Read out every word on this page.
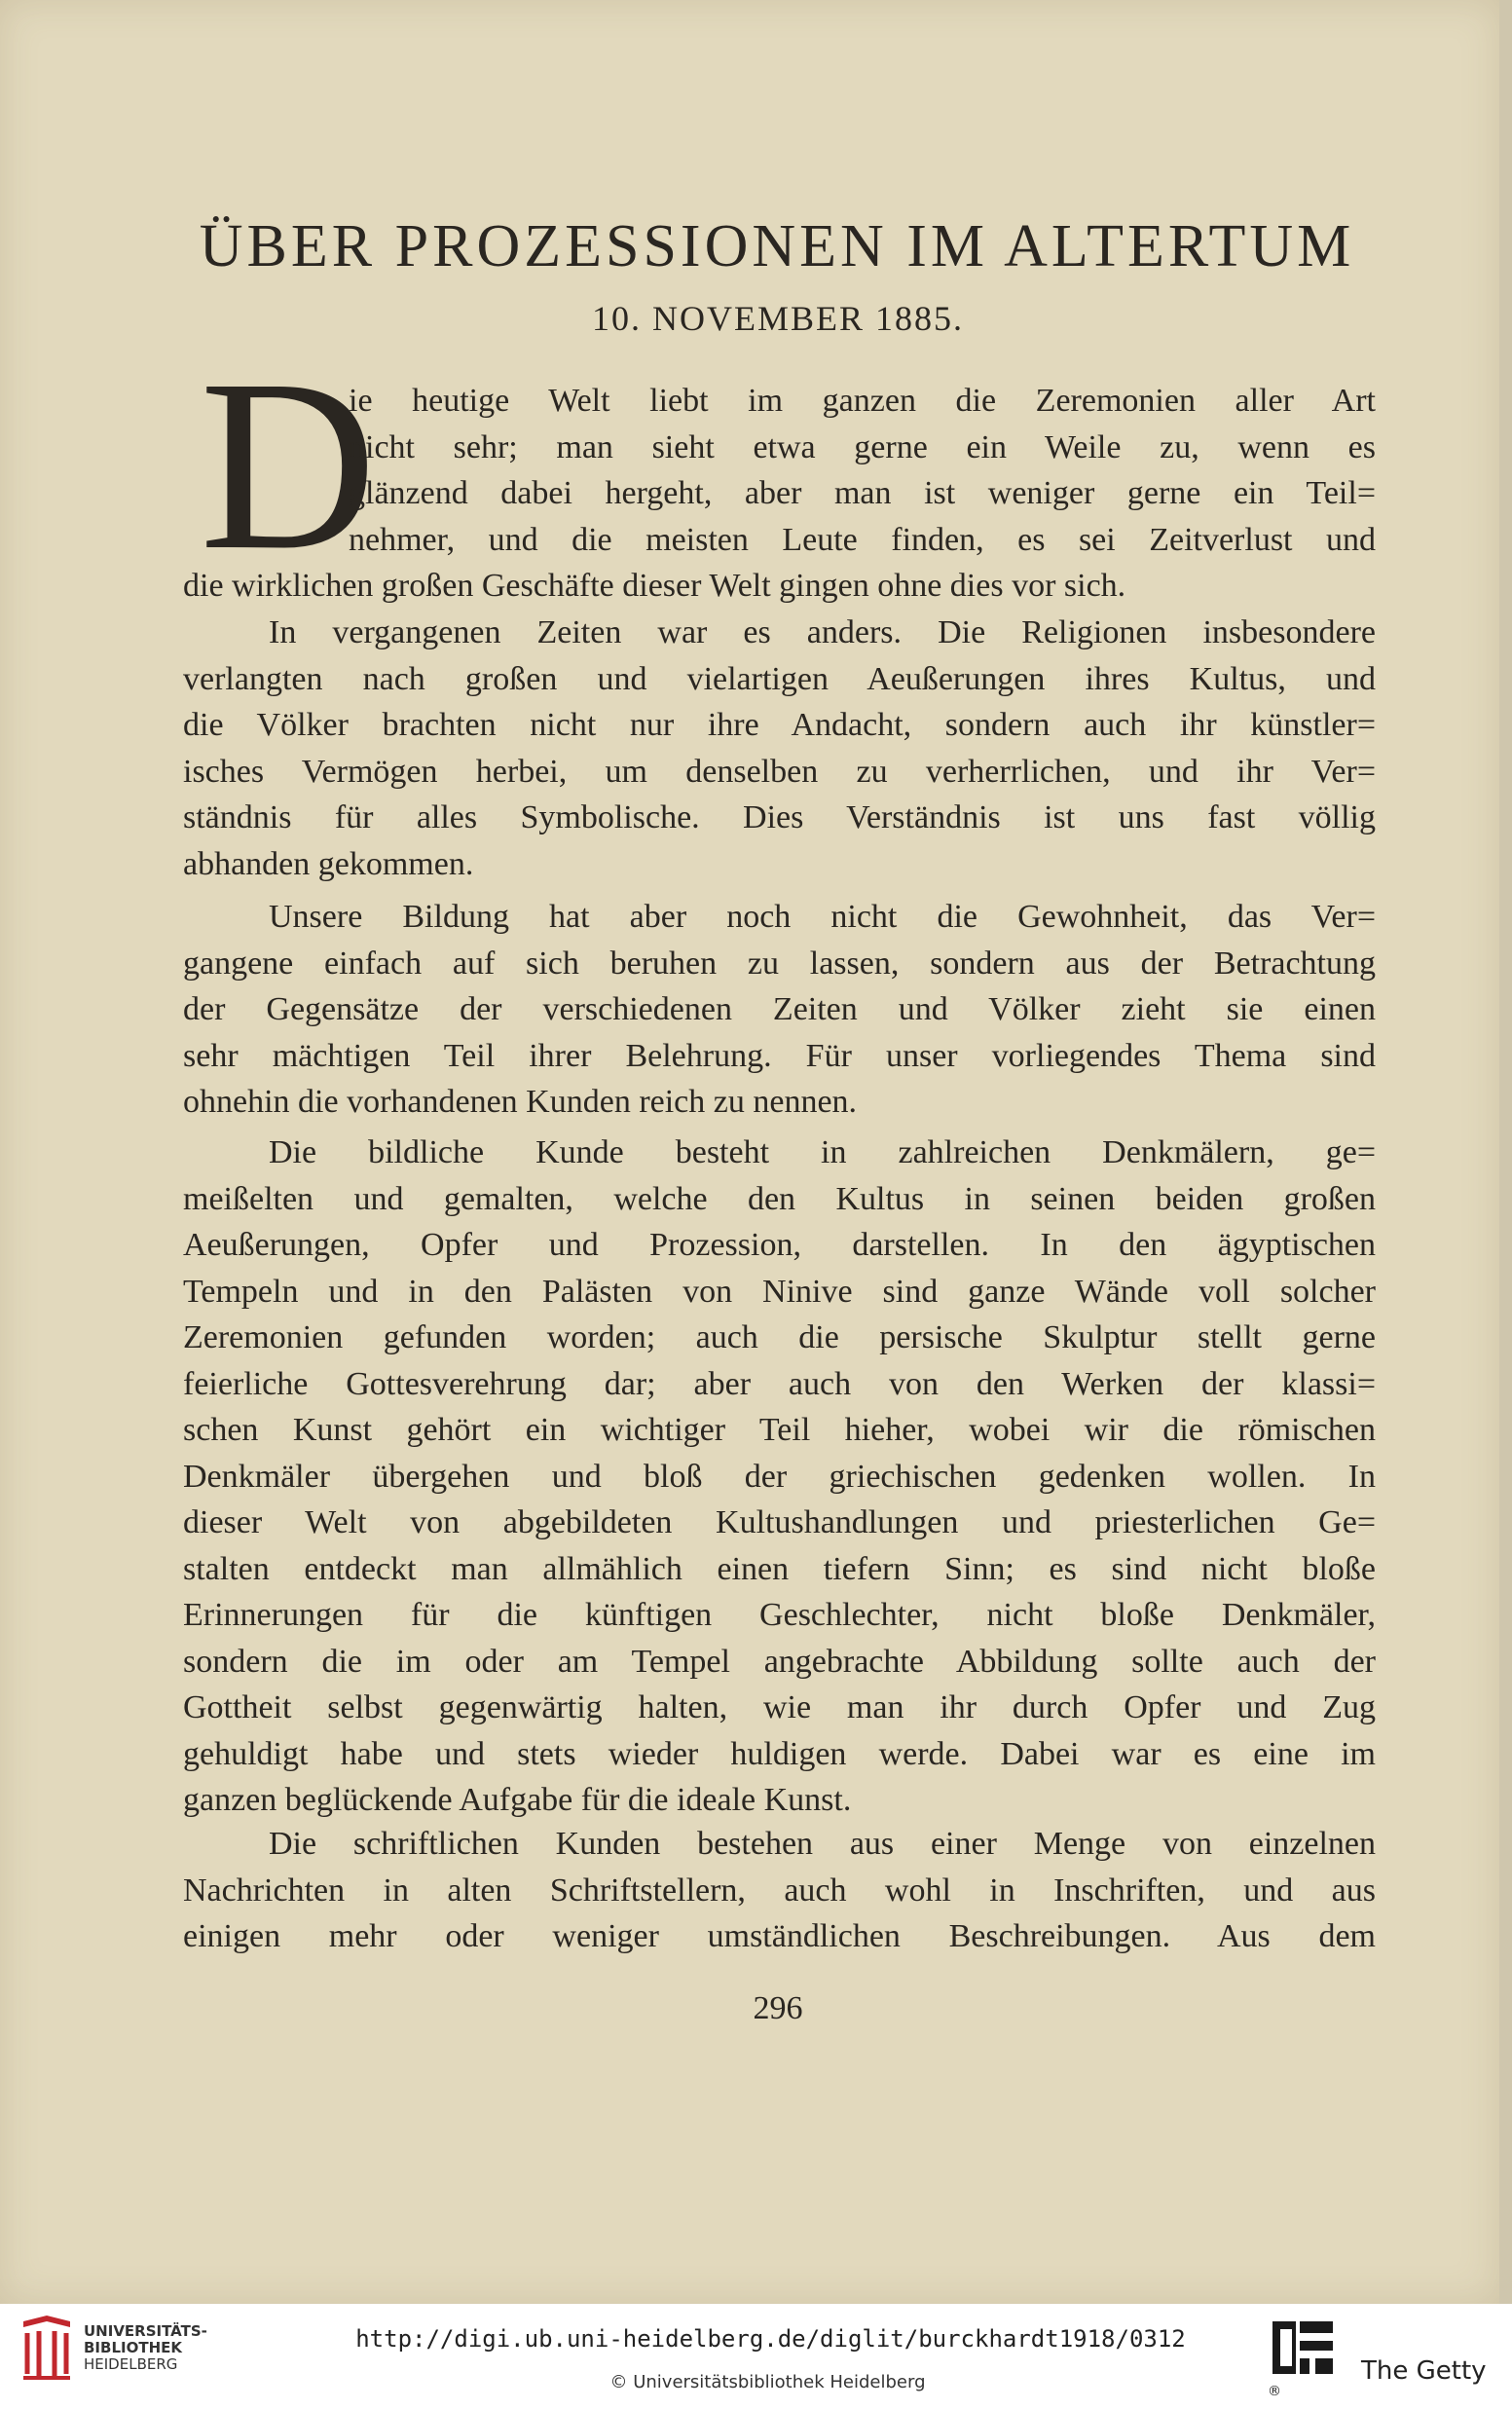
ÜBER PROZESSIONEN IM ALTERTUM
10. NOVEMBER 1885.
D
ie heutige Welt liebt im ganzen die Zeremonien aller Art
nicht sehr; man sieht etwa gerne ein Weile zu, wenn es
glänzend dabei hergeht, aber man ist weniger gerne ein Teil=
nehmer, und die meisten Leute finden, es sei Zeitverlust und
die wirklichen großen Geschäfte dieser Welt gingen ohne dies vor sich.
In vergangenen Zeiten war es anders. Die Religionen insbesondere
verlangten nach großen und vielartigen Aeußerungen ihres Kultus, und
die Völker brachten nicht nur ihre Andacht, sondern auch ihr künstler=
isches Vermögen herbei, um denselben zu verherrlichen, und ihr Ver=
ständnis für alles Symbolische. Dies Verständnis ist uns fast völlig
abhanden gekommen.
Unsere Bildung hat aber noch nicht die Gewohnheit, das Ver=
gangene einfach auf sich beruhen zu lassen, sondern aus der Betrachtung
der Gegensätze der verschiedenen Zeiten und Völker zieht sie einen
sehr mächtigen Teil ihrer Belehrung. Für unser vorliegendes Thema sind
ohnehin die vorhandenen Kunden reich zu nennen.
Die bildliche Kunde besteht in zahlreichen Denkmälern, ge=
meißelten und gemalten, welche den Kultus in seinen beiden großen
Aeußerungen, Opfer und Prozession, darstellen. In den ägyptischen
Tempeln und in den Palästen von Ninive sind ganze Wände voll solcher
Zeremonien gefunden worden; auch die persische Skulptur stellt gerne
feierliche Gottesverehrung dar; aber auch von den Werken der klassi=
schen Kunst gehört ein wichtiger Teil hieher, wobei wir die römischen
Denkmäler übergehen und bloß der griechischen gedenken wollen. In
dieser Welt von abgebildeten Kultushandlungen und priesterlichen Ge=
stalten entdeckt man allmählich einen tiefern Sinn; es sind nicht bloße
Erinnerungen für die künftigen Geschlechter, nicht bloße Denkmäler,
sondern die im oder am Tempel angebrachte Abbildung sollte auch der
Gottheit selbst gegenwärtig halten, wie man ihr durch Opfer und Zug
gehuldigt habe und stets wieder huldigen werde. Dabei war es eine im
ganzen beglückende Aufgabe für die ideale Kunst.
Die schriftlichen Kunden bestehen aus einer Menge von einzelnen
Nachrichten in alten Schriftstellern, auch wohl in Inschriften, und aus
einigen mehr oder weniger umständlichen Beschreibungen. Aus dem
296
UNIVERSITÄTS-
BIBLIOTHEK
HEIDELBERG
http://digi.ub.uni-heidelberg.de/diglit/burckhardt1918/0312
© Universitätsbibliothek Heidelberg	®
The Getty
